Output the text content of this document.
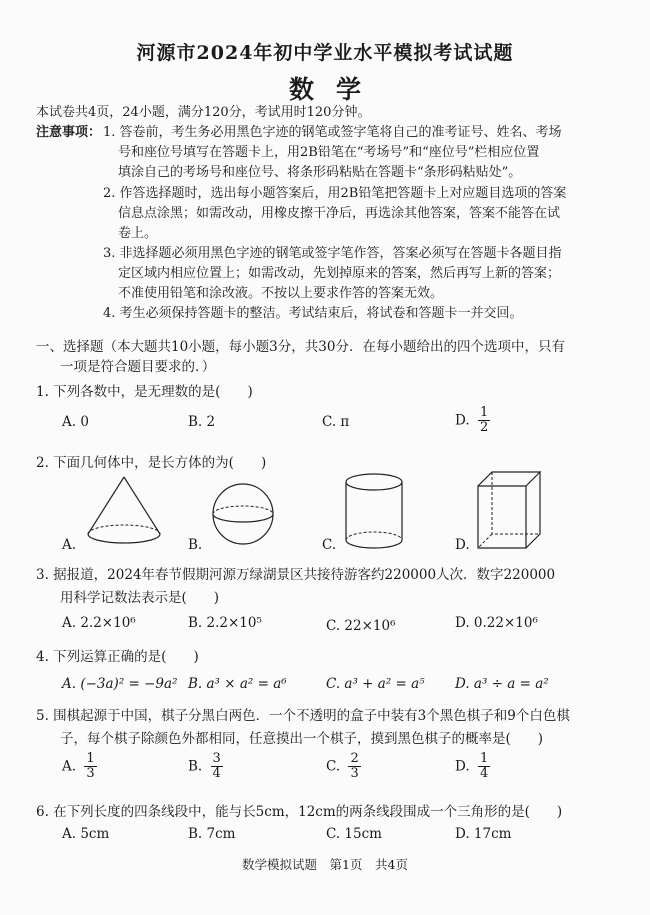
河源市2024年初中学业水平模拟考试试题
数学
本试卷共4页，24小题，满分120分，考试用时120分钟。
注意事项： 1. 答卷前，考生务必用黑色字迹的钢笔或签字笔将自己的准考证号、姓名、考场
号和座位号填写在答题卡上，用2B铅笔在“考场号”和“座位号”栏相应位置
填涂自己的考场号和座位号、将条形码粘贴在答题卡“条形码粘贴处”。
2. 作答选择题时，选出每小题答案后，用2B铅笔把答题卡上对应题目选项的答案
信息点涂黑；如需改动，用橡皮擦干净后，再选涂其他答案，答案不能答在试
卷上。
3. 非选择题必须用黑色字迹的钢笔或签字笔作答，答案必须写在答题卡各题目指
定区域内相应位置上；如需改动，先划掉原来的答案，然后再写上新的答案；
不准使用铅笔和涂改液。不按以上要求作答的答案无效。
4. 考生必须保持答题卡的整洁。考试结束后，将试卷和答题卡一并交回。
一、选择题（本大题共10小题，每小题3分，共30分．在每小题给出的四个选项中，只有
一项是符合题目要求的．）
1. 下列各数中，是无理数的是(　　)
A. 0	B. 2	C. π	D. $\frac{1}{2}$
2. 下面几何体中，是长方体的为(　　)
A.	B.	C.	D.
3. 据报道，2024年春节假期河源万绿湖景区共接待游客约220000人次．数字220000
用科学记数法表示是(　　)
A. 2.2×10⁶	B. 2.2×10⁵	C. 22×10⁶	D. 0.22×10⁶
4. 下列运算正确的是(　　)
A. (−3a)² = −9a² B. a³ × a² = a⁶	C. a³ + a² = a⁵ D. a³ ÷ a = a²
5. 围棋起源于中国，棋子分黑白两色．一个不透明的盒子中装有3个黑色棋子和9个白色棋
子，每个棋子除颜色外都相同，任意摸出一个棋子，摸到黑色棋子的概率是(　　)
A. $\frac{1}{3}$	B. $\frac{3}{4}$	C. $\frac{2}{3}$	D. $\frac{1}{4}$
6. 在下列长度的四条线段中，能与长5cm，12cm的两条线段围成一个三角形的是(　　)
A. 5cm	B. 7cm	C. 15cm	D. 17cm
数学模拟试题　第1页　共4页
